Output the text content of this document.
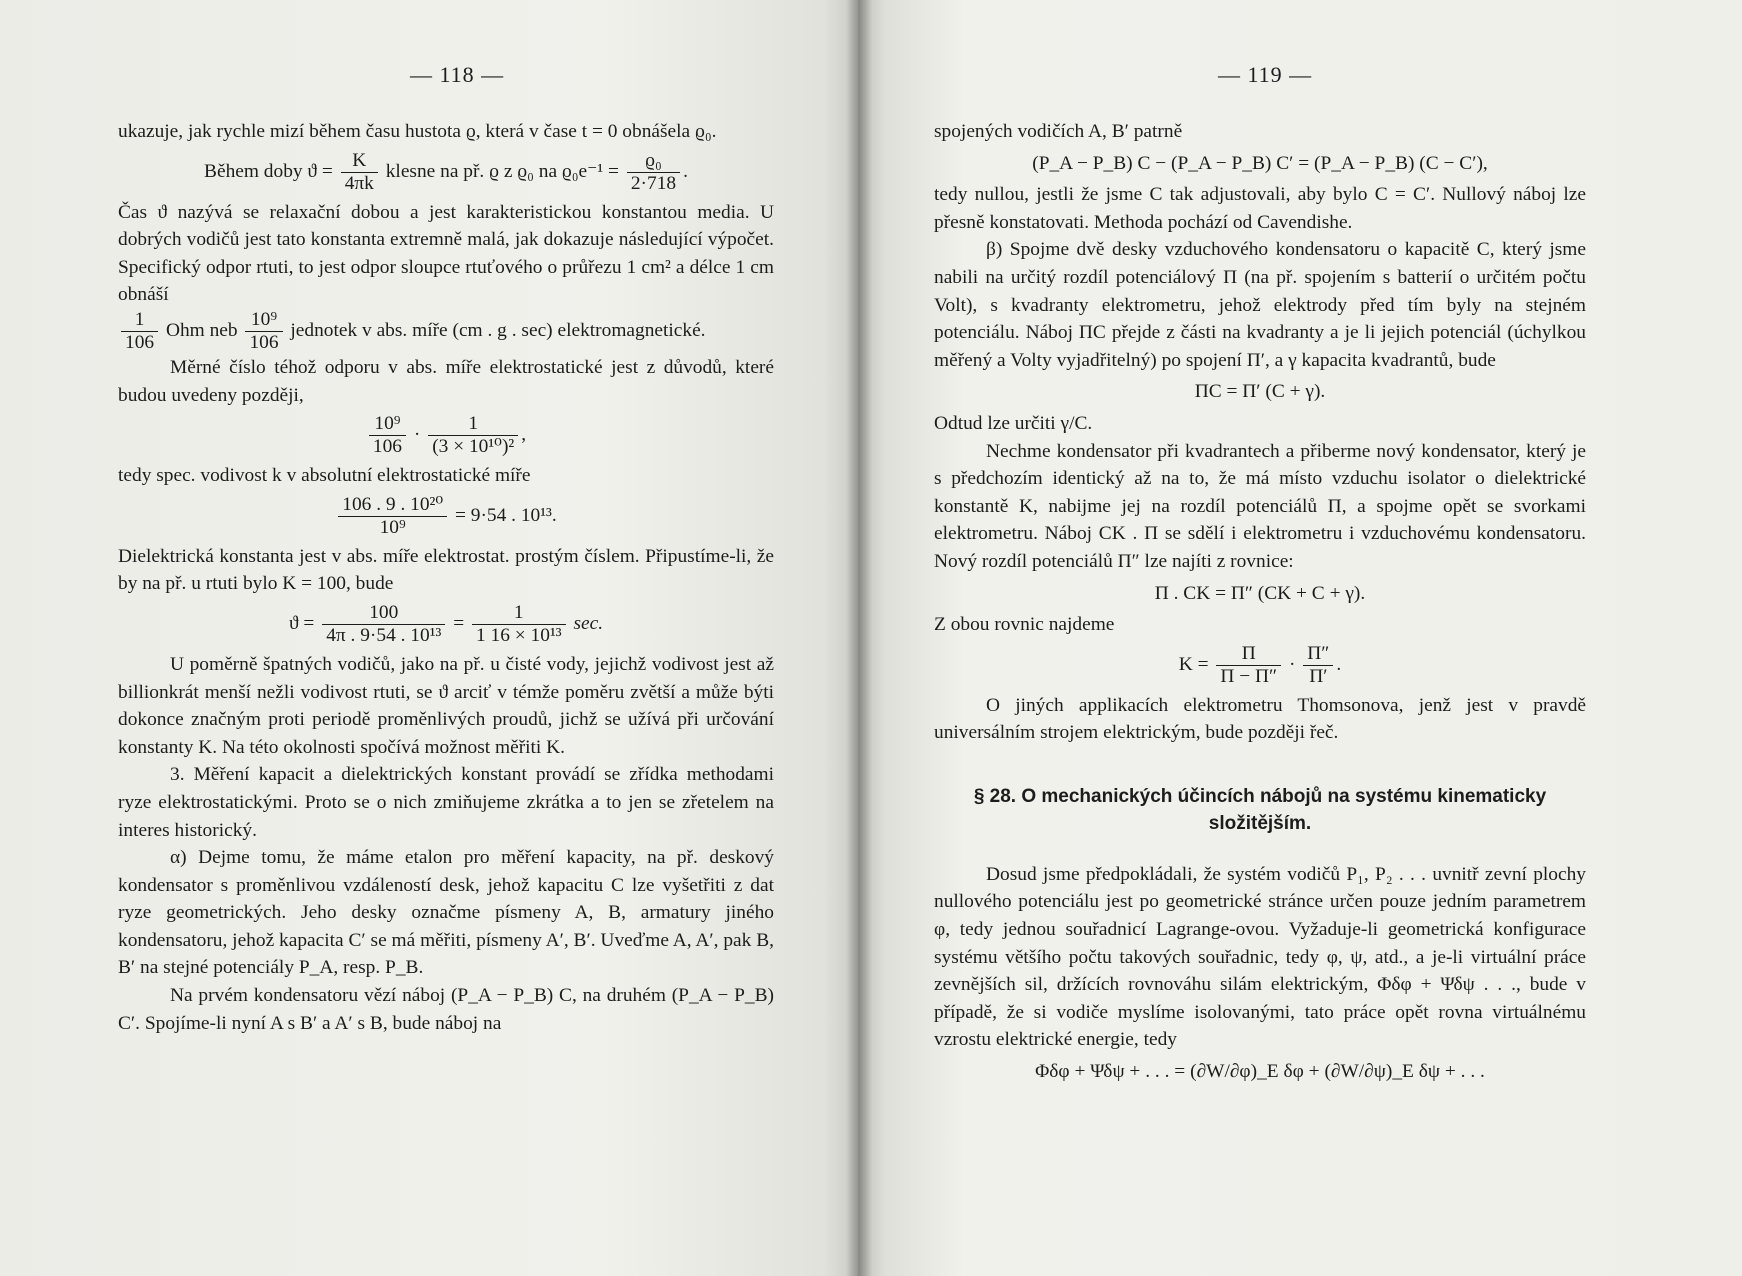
— 118 —

ukazuje, jak rychle mizí během času hustota ϱ, která v čase t = 0 obnášela ϱ₀.

Během doby $ϑ = \frac{K}{4\pi k}$ klesne na př. ϱ z ϱ₀ na $ϱ_0e^{-1} = \frac{\text{ϱ₀}}{2\cdot 718}$ .

Čas ϑ nazývá se relaxační dobou a jest karakteristickou konstantou media. U dobrých vodičů jest tato konstanta extremně malá, jak dokazuje následující výpočet. Specifický odpor rtuti, to jest odpor sloupce rtuťového o průřezu 1 cm² a délce 1 cm obnáší

$\frac{1}{106}$ Ohm neb $\frac{\text{10⁹}}{106}$ jednotek v abs. míře (cm . g . sec) elektromagnetické.

Měrné číslo téhož odporu v abs. míře elektrostatické jest z důvodů, které budou uvedeny později,

$\frac{\text{10⁹}}{106} \cdot \frac{1}{\text{(3 × 10¹⁰)²}}$ ,

tedy spec. vodivost k v absolutní elektrostatické míře

$\frac{\text{106 . 9 . 10²⁰}}{\text{10⁹}} = 9\cdot 54$ . 10¹³.

Dielektrická konstanta jest v abs. míře elektrostat. prostým číslem. Připustíme-li, že by na př. u rtuti bylo K = 100, bude

$ϑ = \frac{100}{\text{4π . 9·54 . 10¹³}} = \frac{1}{\text{1 16 × 10¹³}} \sec$.

U poměrně špatných vodičů, jako na př. u čisté vody, jejichž vodivost jest až billionkrát menší nežli vodivost rtuti, se ϑ arciť v témže poměru zvětší a může býti dokonce značným proti periodě proměnlivých proudů, jichž se užívá při určování konstanty K. Na této okolnosti spočívá možnost měřiti K.

3. Měření kapacit a dielektrických konstant provádí se zřídka methodami ryze elektrostatickými. Proto se o nich zmiňujeme zkrátka a to jen se zřetelem na interes historický.

α) Dejme tomu, že máme etalon pro měření kapacity, na př. deskový kondensator s proměnlivou vzdáleností desk, jehož kapacitu C lze vyšetřiti z dat ryze geometrických. Jeho desky označme písmeny A, B, armatury jiného kondensatoru, jehož kapacita C′ se má měřiti, písmeny A′, B′. Uveďme A, A′, pak B, B′ na stejné potenciály P_A, resp. P_B.

Na prvém kondensatoru vězí náboj (P_A − P_B) C, na druhém (P_A − P_B) C′. Spojíme-li nyní A s B′ a A′ s B, bude náboj na

— 119 —

spojených vodičích A, B′ patrně

(P_A − P_B) C − (P_A − P_B) C′ = (P_A − P_B) (C − C′),

tedy nullou, jestli že jsme C tak adjustovali, aby bylo C = C′. Nullový náboj lze přesně konstatovati. Methoda pochází od Cavendishe.

β) Spojme dvě desky vzduchového kondensatoru o kapacitě C, který jsme nabili na určitý rozdíl potenciálový Π (na př. spojením s batterií o určitém počtu Volt), s kvadranty elektrometru, jehož elektrody před tím byly na stejném potenciálu. Náboj ΠC přejde z části na kvadranty a je li jejich potenciál (úchylkou měřený a Volty vyjadřitelný) po spojení Π′, a γ kapacita kvadrantů, bude

ΠC = Π′ (C + γ).

Odtud lze určiti γ/C.

Nechme kondensator při kvadrantech a přiberme nový kondensator, který je s předchozím identický až na to, že má místo vzduchu isolator o dielektrické konstantě K, nabijme jej na rozdíl potenciálů Π, a spojme opět se svorkami elektrometru. Náboj CK . Π se sdělí i elektrometru i vzduchovému kondensatoru. Nový rozdíl potenciálů Π″ lze najíti z rovnice:

Π . CK = Π″ (CK + C + γ).

Z obou rovnic najdeme

$K = \frac{\Pi}{\Pi - \Pi''} \cdot \frac{\Pi''}{\Pi'}$ .

O jiných applikacích elektrometru Thomsonova, jenž jest v pravdě universálním strojem elektrickým, bude později řeč.

§ 28. O mechanických účincích nábojů na systému kinematicky složitějším.

Dosud jsme předpokládali, že systém vodičů P₁, P₂ . . . uvnitř zevní plochy nullového potenciálu jest po geometrické stránce určen pouze jedním parametrem φ, tedy jednou souřadnicí Lagrange-ovou. Vyžaduje-li geometrická konfigurace systému většího počtu takových souřadnic, tedy φ, ψ, atd., a je-li virtuální práce zevnějších sil, držících rovnováhu silám elektrickým, Φδφ + Ψδψ . . ., bude v případě, že si vodiče myslíme isolovanými, tato práce opět rovna virtuálnému vzrostu elektrické energie, tedy

Φδφ + Ψδψ + . . . = (∂W/∂φ)_E δφ + (∂W/∂ψ)_E δψ + . . .
